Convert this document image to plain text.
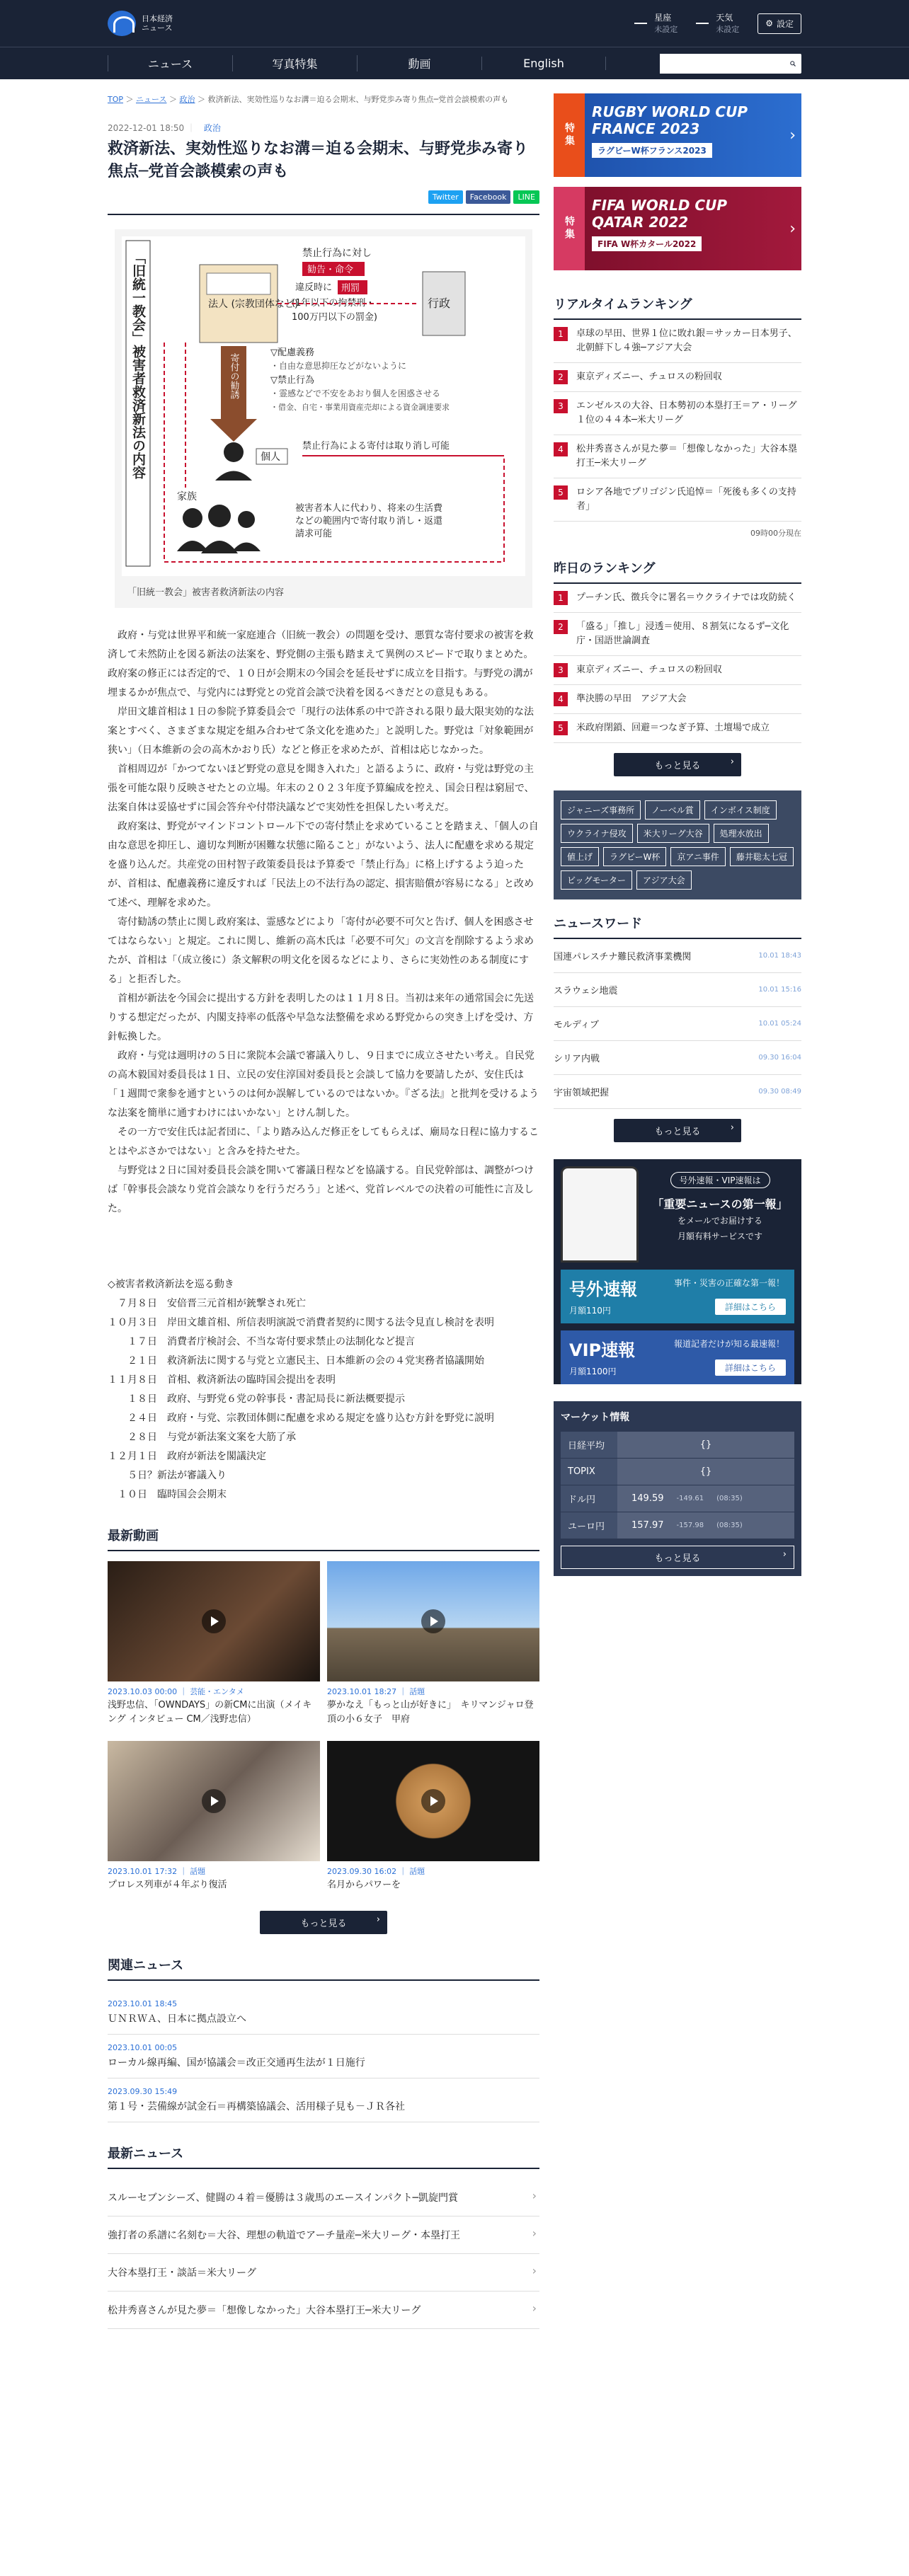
日本経済
ニュース
星座
未設定
天気
未設定
⚙ 設定
ニュース	写真特集	動画	English
TOP ＞ ニュース ＞ 政治 ＞ 救済新法、実効性巡りなお溝＝迫る会期末、与野党歩み寄り焦点─党首会談模索の声も
2022-12-01 18:50 ｜ 政治
救済新法、実効性巡りなお溝＝迫る会期末、与野党歩み寄り焦点─党首会談模索の声も
Twitter	Facebook	LINE
「旧統一教会」被害者救済新法の内容	法人 (宗教団体など)	行政
禁止行為に対し
勧告・命令
違反時に 刑罰
(1年以下の拘禁刑・
100万円以下の罰金)
寄付の勧誘
個人
▽配慮義務
・自由な意思抑圧などがないように
▽禁止行為
・霊感などで不安をあおり個人を困惑させる
・借金、自宅・事業用資産売却による資金調達要求
禁止行為による寄付は取り消し可能
家族
被害者本人に代わり、将来の生活費
などの範囲内で寄付取り消し・返還
請求可能
「旧統一教会」被害者救済新法の内容

政府・与党は世界平和統一家庭連合（旧統一教会）の問題を受け、悪質な寄付要求の被害を救済して未然防止を図る新法の法案を、野党側の主張も踏まえて異例のスピードで取りまとめた。政府案の修正には否定的で、１０日が会期末の今国会を延長せずに成立を目指す。与野党の溝が埋まるかが焦点で、与党内には野党との党首会談で決着を図るべきだとの意見もある。

岸田文雄首相は１日の参院予算委員会で「現行の法体系の中で許される限り最大限実効的な法案とすべく、さまざまな規定を組み合わせて条文化を進めた」と説明した。野党は「対象範囲が狭い」（日本維新の会の高木かおり氏）などと修正を求めたが、首相は応じなかった。

首相周辺が「かつてないほど野党の意見を聞き入れた」と語るように、政府・与党は野党の主張を可能な限り反映させたとの立場。年末の２０２３年度予算編成を控え、国会日程は窮屈で、法案自体は妥協せずに国会答弁や付帯決議などで実効性を担保したい考えだ。

政府案は、野党がマインドコントロール下での寄付禁止を求めていることを踏まえ、「個人の自由な意思を抑圧し、適切な判断が困難な状態に陥ること」がないよう、法人に配慮を求める規定を盛り込んだ。共産党の田村智子政策委員長は予算委で「禁止行為」に格上げするよう迫ったが、首相は、配慮義務に違反すれば「民法上の不法行為の認定、損害賠償が容易になる」と改めて述べ、理解を求めた。

寄付勧誘の禁止に関し政府案は、霊感などにより「寄付が必要不可欠と告げ、個人を困惑させてはならない」と規定。これに関し、維新の高木氏は「必要不可欠」の文言を削除するよう求めたが、首相は「（成立後に）条文解釈の明文化を図るなどにより、さらに実効性のある制度にする」と拒否した。

首相が新法を今国会に提出する方針を表明したのは１１月８日。当初は来年の通常国会に先送りする想定だったが、内閣支持率の低落や早急な法整備を求める野党からの突き上げを受け、方針転換した。

政府・与党は週明けの５日に衆院本会議で審議入りし、９日までに成立させたい考え。自民党の高木毅国対委員長は１日、立民の安住淳国対委員長と会談して協力を要請したが、安住氏は「１週間で衆参を通すというのは何か誤解しているのではないか。『ざる法』と批判を受けるような法案を簡単に通すわけにはいかない」とけん制した。

その一方で安住氏は記者団に、「より踏み込んだ修正をしてもらえば、廟局な日程に協力することはやぶさかではない」と含みを持たせた。

与野党は２日に国対委員長会談を開いて審議日程などを協議する。自民党幹部は、調整がつけば「幹事長会談なり党首会談なりを行うだろう」と述べ、党首レベルでの決着の可能性に言及した。

◇被害者救済新法を巡る動き
　７月８日　安倍晋三元首相が銃撃され死亡
１０月３日　岸田文雄首相、所信表明演説で消費者契約に関する法令見直し検討を表明
　　１７日　消費者庁検討会、不当な寄付要求禁止の法制化など提言
　　２１日　救済新法に関する与党と立憲民主、日本維新の会の４党実務者協議開始
１１月８日　首相、救済新法の臨時国会提出を表明
　　１８日　政府、与野党６党の幹事長・書記局長に新法概要提示
　　２４日　政府・与党、宗教団体側に配慮を求める規定を盛り込む方針を野党に説明
　　２８日　与党が新法案文案を大筋了承
１２月１日　政府が新法を閣議決定
　　５日？新法が審議入り
　１０日　臨時国会会期末
最新動画
2023.10.03 00:00 ｜ 芸能・エンタメ
浅野忠信、「OWNDAYS」の新CMに出演（メイキング インタビュー CM／浅野忠信）
2023.10.01 18:27 ｜ 話題
夢かなえ「もっと山が好きに」　キリマンジャロ登頂の小６女子　甲府
2023.10.01 17:32 ｜ 話題
プロレス列車が４年ぶり復活
2023.09.30 16:02 ｜ 話題
名月からパワーを
もっと見る ›
関連ニュース
2023.10.01 18:45
ＵＮＲＷＡ、日本に拠点設立へ
2023.10.01 00:05
ローカル線再編、国が協議会＝改正交通再生法が１日施行
2023.09.30 15:49
第１号・芸備線が試金石＝再構築協議会、活用様子見も－ＪＲ各社
最新ニュース
スルーセブンシーズ、健闘の４着＝優勝は３歳馬のエースインパクト─凱旋門賞 ›
強打者の系譜に名刻む＝大谷、理想の軌道でアーチ量産─米大リーグ・本塁打王 ›
大谷本塁打王・談話＝米大リーグ ›
松井秀喜さんが見た夢＝「想像しなかった」大谷本塁打王─米大リーグ ›
特集
RUGBY WORLD CUP
FRANCE 2023
ラグビーW杯フランス2023
›
特集
FIFA WORLD CUP
QATAR 2022
FIFA W杯カタール2022
›
リアルタイムランキング
1	卓球の早田、世界１位に敗れ銀＝サッカー日本男子、北朝鮮下し４強─アジア大会
2	東京ディズニー、チュロスの粉回収
3	エンゼルスの大谷、日本勢初の本塁打王＝ア・リーグ１位の４４本─米大リーグ
4	松井秀喜さんが見た夢＝「想像しなかった」大谷本塁打王─米大リーグ
5	ロシア各地でプリゴジン氏追悼＝「死後も多くの支持者」
09時00分現在
昨日のランキング
1	プーチン氏、徴兵令に署名＝ウクライナでは攻防続く
2	「盛る」「推し」浸透＝使用、８割気になるず─文化庁・国語世論調査
3	東京ディズニー、チュロスの粉回収
4	準決勝の早田　アジア大会
5	米政府閉鎖、回避＝つなぎ予算、土壇場で成立
もっと見る ›
ジャニーズ事務所	ノーベル賞	インボイス制度
ウクライナ侵攻	米大リーグ大谷	処理水放出
値上げ	ラグビーW杯	京アニ事件	藤井聡太七冠
ビッグモーター	アジア大会
ニュースワード
国連パレスチナ難民救済事業機関	10.01 18:43
スラウェシ地震	10.01 15:16
モルディブ	10.01 05:24
シリア内戦	09.30 16:04
宇宙領域把握	09.30 08:49
もっと見る ›
号外速報・VIP速報は
「重要ニュースの第一報」
をメールでお届けする
月額有料サービスです
号外速報	事件・災害の正確な第一報！
月額110円	詳細はこちら
VIP速報	報道記者だけが知る最速報！
月額1100円	詳細はこちら
マーケット情報
日経平均	{}
TOPIX	{}
ドル円	149.59 -149.61 (08:35)
ユーロ円	157.97 -157.98 (08:35)
もっと見る ›
